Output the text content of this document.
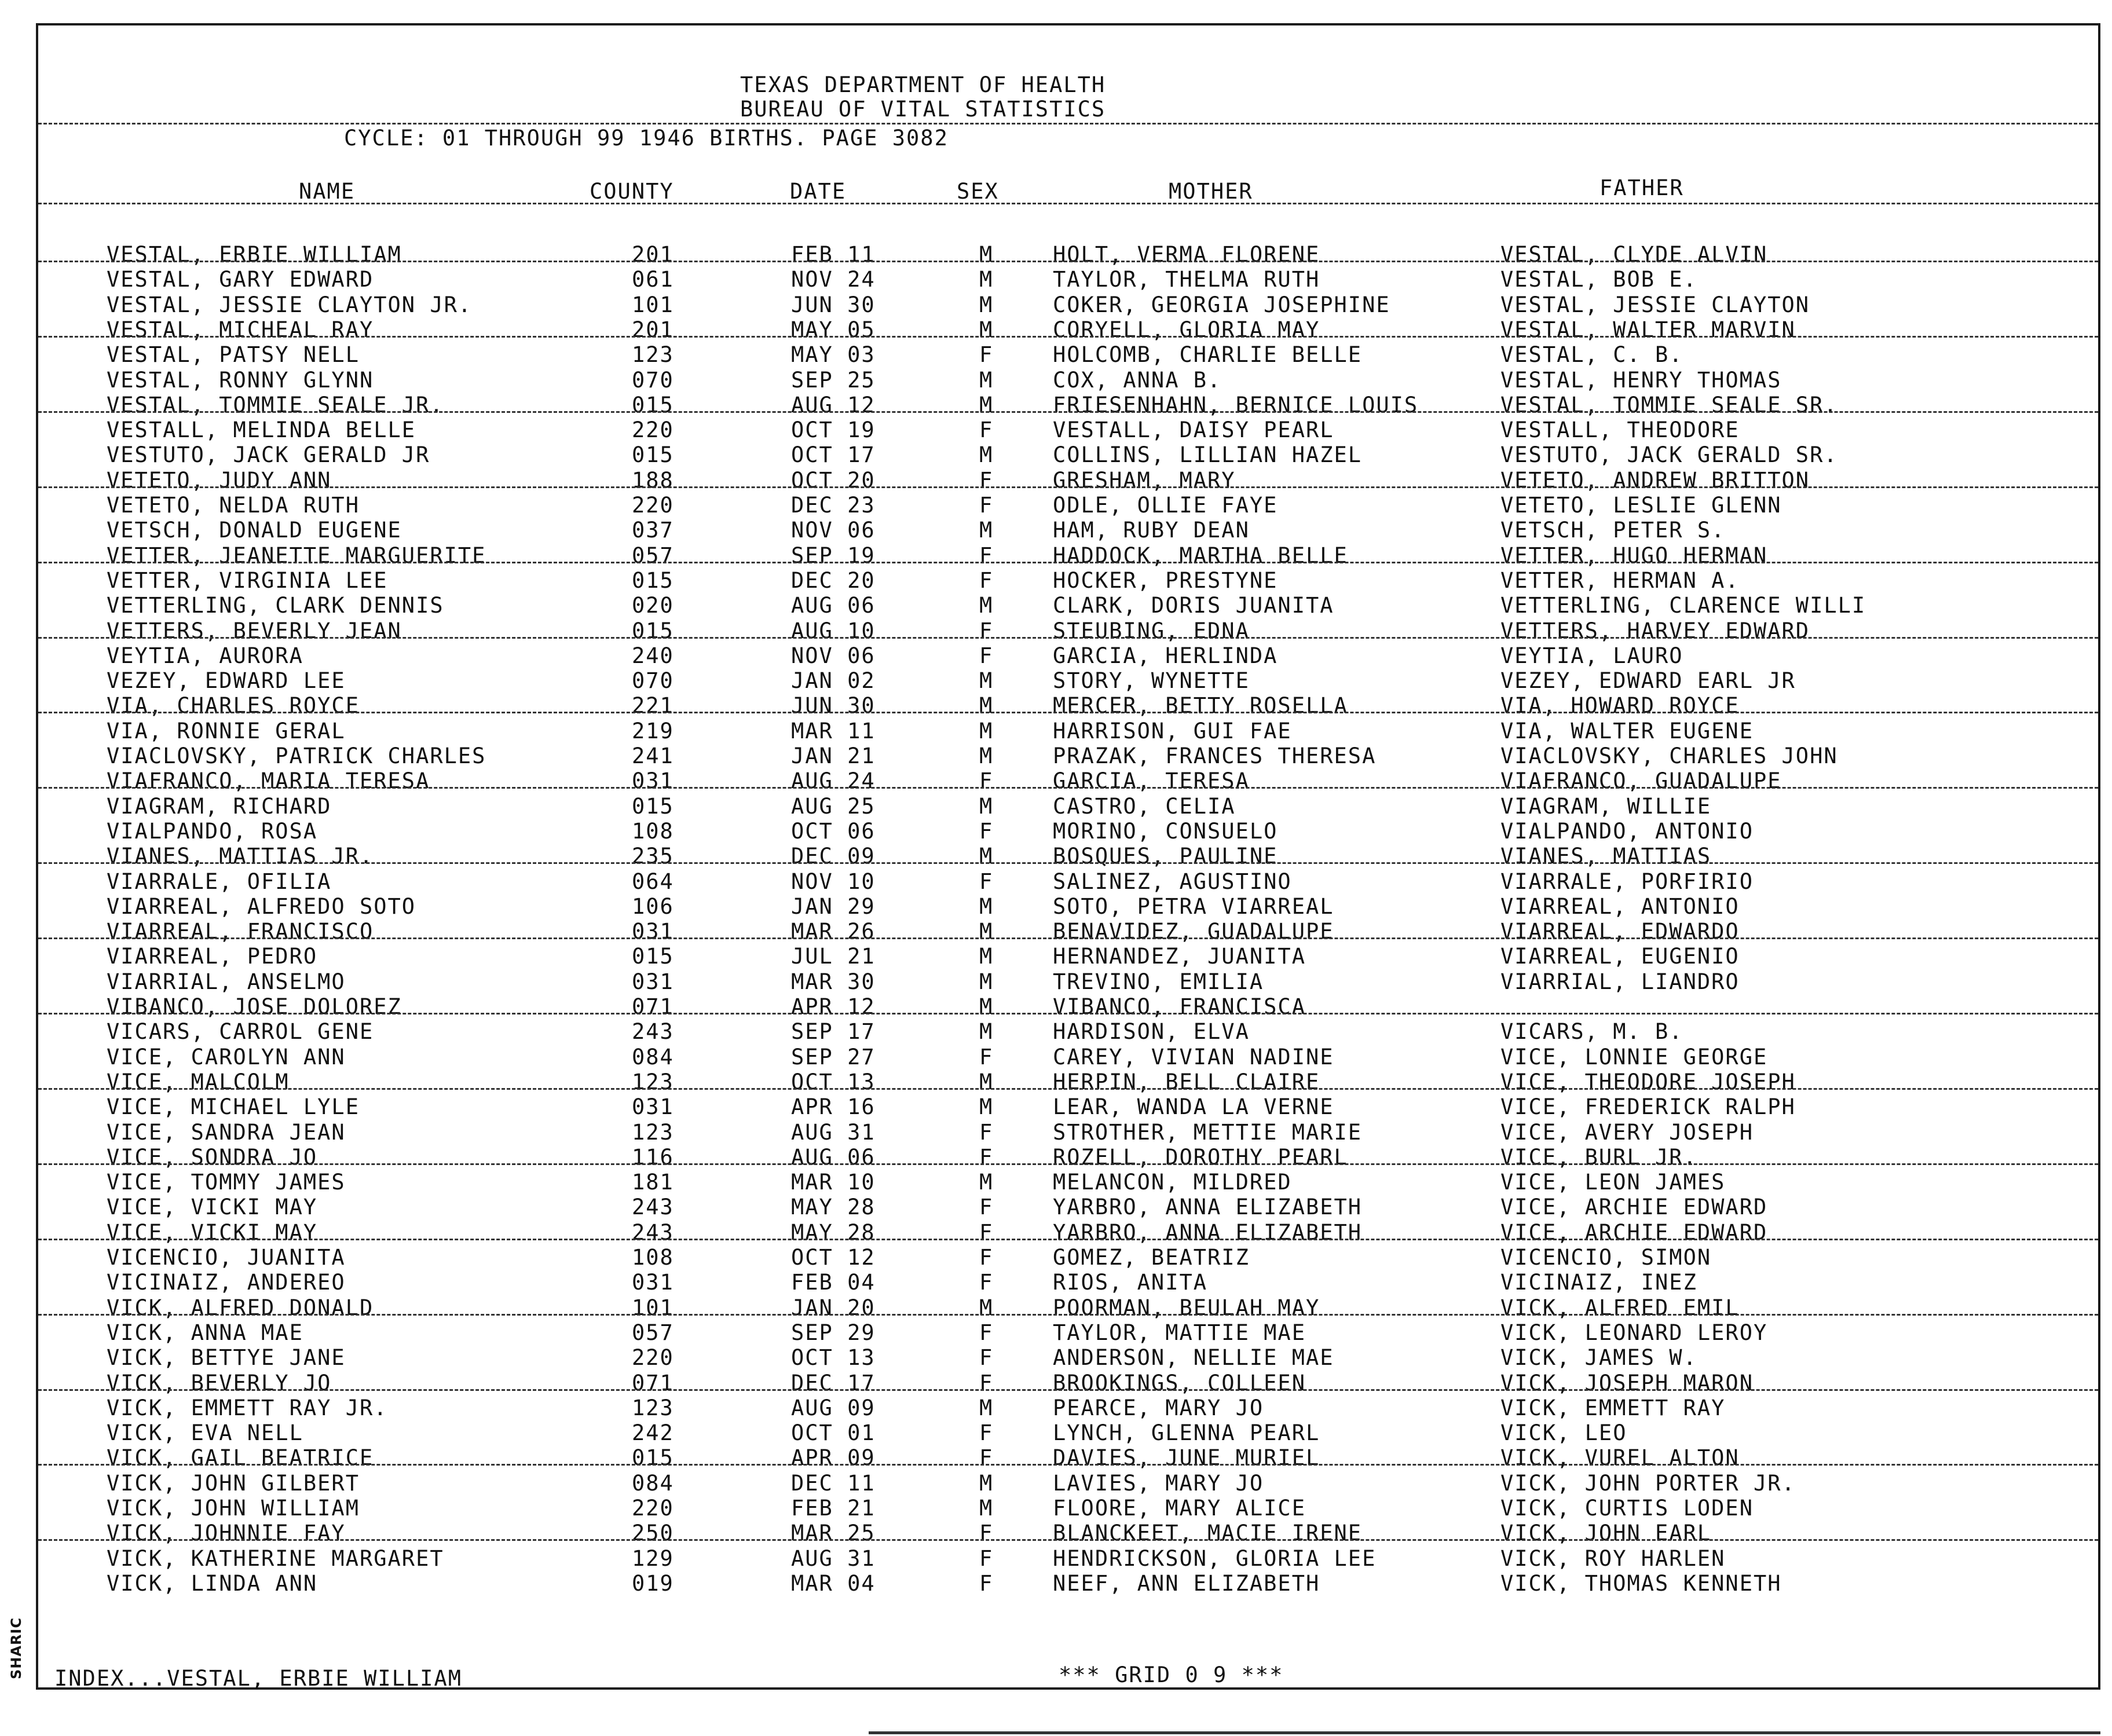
TEXAS DEPARTMENT OF HEALTH
BUREAU OF VITAL STATISTICS
CYCLE: 01 THROUGH 99 1946 BIRTHS. PAGE 3082
NAME	COUNTY	DATE	SEX	MOTHER	FATHER
VESTAL, ERBIE WILLIAM	201	FEB 11	M	HOLT, VERMA FLORENE	VESTAL, CLYDE ALVIN
VESTAL, GARY EDWARD	061	NOV 24	M	TAYLOR, THELMA RUTH	VESTAL, BOB E.
VESTAL, JESSIE CLAYTON JR.	101	JUN 30	M	COKER, GEORGIA JOSEPHINE	VESTAL, JESSIE CLAYTON
VESTAL, MICHEAL RAY	201	MAY 05	M	CORYELL, GLORIA MAY	VESTAL, WALTER MARVIN
VESTAL, PATSY NELL	123	MAY 03	F	HOLCOMB, CHARLIE BELLE	VESTAL, C. B.
VESTAL, RONNY GLYNN	070	SEP 25	M	COX, ANNA B.	VESTAL, HENRY THOMAS
VESTAL, TOMMIE SEALE JR.	015	AUG 12	M	FRIESENHAHN, BERNICE LOUIS	VESTAL, TOMMIE SEALE SR.
VESTALL, MELINDA BELLE	220	OCT 19	F	VESTALL, DAISY PEARL	VESTALL, THEODORE
VESTUTO, JACK GERALD JR	015	OCT 17	M	COLLINS, LILLIAN HAZEL	VESTUTO, JACK GERALD SR.
VETETO, JUDY ANN	188	OCT 20	F	GRESHAM, MARY	VETETO, ANDREW BRITTON
VETETO, NELDA RUTH	220	DEC 23	F	ODLE, OLLIE FAYE	VETETO, LESLIE GLENN
VETSCH, DONALD EUGENE	037	NOV 06	M	HAM, RUBY DEAN	VETSCH, PETER S.
VETTER, JEANETTE MARGUERITE	057	SEP 19	F	HADDOCK, MARTHA BELLE	VETTER, HUGO HERMAN
VETTER, VIRGINIA LEE	015	DEC 20	F	HOCKER, PRESTYNE	VETTER, HERMAN A.
VETTERLING, CLARK DENNIS	020	AUG 06	M	CLARK, DORIS JUANITA	VETTERLING, CLARENCE WILLI
VETTERS, BEVERLY JEAN	015	AUG 10	F	STEUBING, EDNA	VETTERS, HARVEY EDWARD
VEYTIA, AURORA	240	NOV 06	F	GARCIA, HERLINDA	VEYTIA, LAURO
VEZEY, EDWARD LEE	070	JAN 02	M	STORY, WYNETTE	VEZEY, EDWARD EARL JR
VIA, CHARLES ROYCE	221	JUN 30	M	MERCER, BETTY ROSELLA	VIA, HOWARD ROYCE
VIA, RONNIE GERAL	219	MAR 11	M	HARRISON, GUI FAE	VIA, WALTER EUGENE
VIACLOVSKY, PATRICK CHARLES	241	JAN 21	M	PRAZAK, FRANCES THERESA	VIACLOVSKY, CHARLES JOHN
VIAFRANCO, MARIA TERESA	031	AUG 24	F	GARCIA, TERESA	VIAFRANCO, GUADALUPE
VIAGRAM, RICHARD	015	AUG 25	M	CASTRO, CELIA	VIAGRAM, WILLIE
VIALPANDO, ROSA	108	OCT 06	F	MORINO, CONSUELO	VIALPANDO, ANTONIO
VIANES, MATTIAS JR.	235	DEC 09	M	BOSQUES, PAULINE	VIANES, MATTIAS
VIARRALE, OFILIA	064	NOV 10	F	SALINEZ, AGUSTINO	VIARRALE, PORFIRIO
VIARREAL, ALFREDO SOTO	106	JAN 29	M	SOTO, PETRA VIARREAL	VIARREAL, ANTONIO
VIARREAL, FRANCISCO	031	MAR 26	M	BENAVIDEZ, GUADALUPE	VIARREAL, EDWARDO
VIARREAL, PEDRO	015	JUL 21	M	HERNANDEZ, JUANITA	VIARREAL, EUGENIO
VIARRIAL, ANSELMO	031	MAR 30	M	TREVINO, EMILIA	VIARRIAL, LIANDRO
VIBANCO, JOSE DOLOREZ	071	APR 12	M	VIBANCO, FRANCISCA
VICARS, CARROL GENE	243	SEP 17	M	HARDISON, ELVA	VICARS, M. B.
VICE, CAROLYN ANN	084	SEP 27	F	CAREY, VIVIAN NADINE	VICE, LONNIE GEORGE
VICE, MALCOLM	123	OCT 13	M	HERPIN, BELL CLAIRE	VICE, THEODORE JOSEPH
VICE, MICHAEL LYLE	031	APR 16	M	LEAR, WANDA LA VERNE	VICE, FREDERICK RALPH
VICE, SANDRA JEAN	123	AUG 31	F	STROTHER, METTIE MARIE	VICE, AVERY JOSEPH
VICE, SONDRA JO	116	AUG 06	F	ROZELL, DOROTHY PEARL	VICE, BURL JR.
VICE, TOMMY JAMES	181	MAR 10	M	MELANCON, MILDRED	VICE, LEON JAMES
VICE, VICKI MAY	243	MAY 28	F	YARBRO, ANNA ELIZABETH	VICE, ARCHIE EDWARD
VICE, VICKI MAY	243	MAY 28	F	YARBRO, ANNA ELIZABETH	VICE, ARCHIE EDWARD
VICENCIO, JUANITA	108	OCT 12	F	GOMEZ, BEATRIZ	VICENCIO, SIMON
VICINAIZ, ANDEREO	031	FEB 04	F	RIOS, ANITA	VICINAIZ, INEZ
VICK, ALFRED DONALD	101	JAN 20	M	POORMAN, BEULAH MAY	VICK, ALFRED EMIL
VICK, ANNA MAE	057	SEP 29	F	TAYLOR, MATTIE MAE	VICK, LEONARD LEROY
VICK, BETTYE JANE	220	OCT 13	F	ANDERSON, NELLIE MAE	VICK, JAMES W.
VICK, BEVERLY JO	071	DEC 17	F	BROOKINGS, COLLEEN	VICK, JOSEPH MARON
VICK, EMMETT RAY JR.	123	AUG 09	M	PEARCE, MARY JO	VICK, EMMETT RAY
VICK, EVA NELL	242	OCT 01	F	LYNCH, GLENNA PEARL	VICK, LEO
VICK, GAIL BEATRICE	015	APR 09	F	DAVIES, JUNE MURIEL	VICK, VUREL ALTON
VICK, JOHN GILBERT	084	DEC 11	M	LAVIES, MARY JO	VICK, JOHN PORTER JR.
VICK, JOHN WILLIAM	220	FEB 21	M	FLOORE, MARY ALICE	VICK, CURTIS LODEN
VICK, JOHNNIE FAY	250	MAR 25	F	BLANCKEET, MACIE IRENE	VICK, JOHN EARL
VICK, KATHERINE MARGARET	129	AUG 31	F	HENDRICKSON, GLORIA LEE	VICK, ROY HARLEN
VICK, LINDA ANN	019	MAR 04	F	NEEF, ANN ELIZABETH	VICK, THOMAS KENNETH
INDEX...VESTAL, ERBIE WILLIAM	*** GRID 0 9 ***
SHARIC
